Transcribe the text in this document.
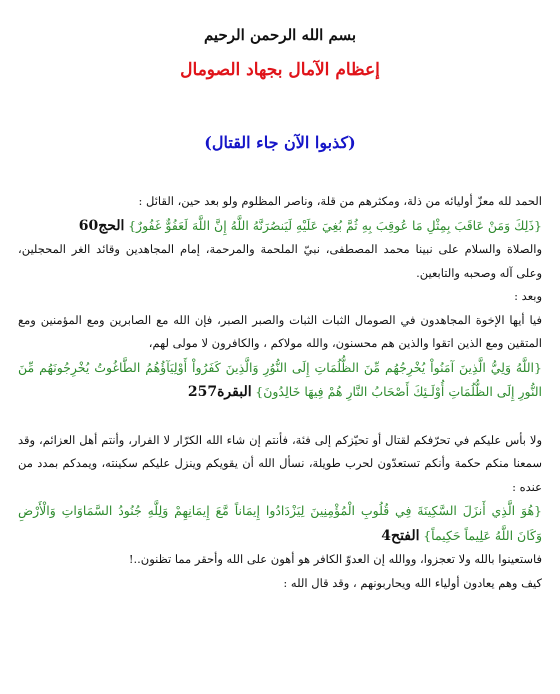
بسم الله الرحمن الرحيم
إعظام الآمال بجهاد الصومال
(كذبوا الآن جاء القتال)

الحمد لله معزّ أوليائه من ذلة، ومكثرهم من قلة، وناصر المظلوم ولو بعد حين، القائل :

{ذَلِكَ وَمَنْ عَاقَبَ بِمِثْلِ مَا عُوقِبَ بِهِ ثُمَّ بُغِيَ عَلَيْهِ لَيَنصُرَنَّهُ اللَّهُ إِنَّ اللَّهَ لَعَفُوٌّ غَفُورٌ} الحج60

والصلاة والسلام على نبينا محمد المصطفى، نبيّ الملحمة والمرحمة، إمام المجاهدين وقائد الغر المحجلين، وعلى آله وصحبه والتابعين.

وبعد :

فيا أيها الإخوة المجاهدون في الصومال الثبات الثبات والصبر الصبر، فإن الله مع الصابرين ومع المؤمنين ومع المتقين ومع الذين اتقوا والذين هم محسنون، والله مولاكم ، والكافرون لا مولى لهم،

{اللَّهُ وَلِيُّ الَّذِينَ آمَنُواْ يُخْرِجُهُم مِّنَ الظُّلُمَاتِ إِلَى النُّوُرِ وَالَّذِينَ كَفَرُواْ أَوْلِيَآؤُهُمُ الطَّاغُوتُ يُخْرِجُونَهُم مِّنَ النُّورِ إِلَى الظُّلُمَاتِ أُوْلَـئِكَ أَصْحَابُ النَّارِ هُمْ فِيهَا خَالِدُونَ} البقرة257

ولا بأس عليكم في تحرّفكم لقتال أو تحيّزكم إلى فئة، فأنتم إن شاء الله الكرّار لا الفرار، وأنتم أهل العزائم، وقد سمعنا منكم حكمة وأنكم تستعدّون لحرب طويلة، نسأل الله أن يقويكم وينزل عليكم سكينته، ويمدكم بمدد من عنده :

{هُوَ الَّذِي أَنزَلَ السَّكِينَةَ فِي قُلُوبِ الْمُؤْمِنِينَ لِيَزْدَادُوا إِيمَاناً مَّعَ إِيمَانِهِمْ وَلِلَّهِ جُنُودُ السَّمَاوَاتِ وَالْأَرْضِ وَكَانَ اللَّهُ عَلِيماً حَكِيماً} الفتح4

فاستعينوا بالله ولا تعجزوا، ووالله إن العدوّ الكافر هو أهون على الله وأحقر مما تظنون..!

كيف وهم يعادون أولياء الله ويحاربونهم ، وقد قال الله :
